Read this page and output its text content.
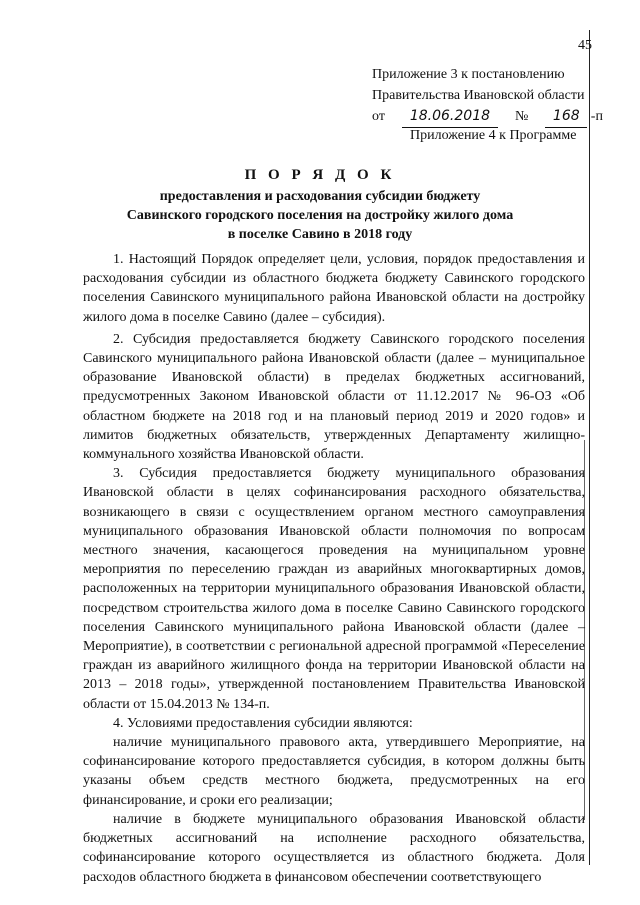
45
Приложение 3 к постановлению
Правительства Ивановской области
от 18.06.2018 № 168 -п
Приложение 4 к Программе
П О Р Я Д О К
предоставления и расходования субсидии бюджету
Савинского городского поселения на достройку жилого дома
в поселке Савино в 2018 году

1. Настоящий Порядок определяет цели, условия, порядок предоставления и расходования субсидии из областного бюджета бюджету Савинского городского поселения Савинского муниципального района Ивановской области на достройку жилого дома в поселке Савино (далее – субсидия).

2. Субсидия предоставляется бюджету Савинского городского поселения Савинского муниципального района Ивановской области (далее – муниципальное образование Ивановской области) в пределах бюджетных ассигнований, предусмотренных Законом Ивановской области от 11.12.2017 № 96-ОЗ «Об областном бюджете на 2018 год и на плановый период 2019 и 2020 годов» и лимитов бюджетных обязательств, утвержденных Департаменту жилищно-коммунального хозяйства Ивановской области.

3. Субсидия предоставляется бюджету муниципального образования Ивановской области в целях софинансирования расходного обязательства, возникающего в связи с осуществлением органом местного самоуправления муниципального образования Ивановской области полномочия по вопросам местного значения, касающегося проведения на муниципальном уровне мероприятия по переселению граждан из аварийных многоквартирных домов, расположенных на территории муниципального образования Ивановской области, посредством строительства жилого дома в поселке Савино Савинского городского поселения Савинского муниципального района Ивановской области (далее – Мероприятие), в соответствии с региональной адресной программой «Переселение граждан из аварийного жилищного фонда на территории Ивановской области на 2013 – 2018 годы», утвержденной постановлением Правительства Ивановской области от 15.04.2013 № 134-п.

4. Условиями предоставления субсидии являются:

наличие муниципального правового акта, утвердившего Мероприятие, на софинансирование которого предоставляется субсидия, в котором должны быть указаны объем средств местного бюджета, предусмотренных на его финансирование, и сроки его реализации;

наличие в бюджете муниципального образования Ивановской области бюджетных ассигнований на исполнение расходного обязательства, софинансирование которого осуществляется из областного бюджета. Доля расходов областного бюджета в финансовом обеспечении соответствующего
